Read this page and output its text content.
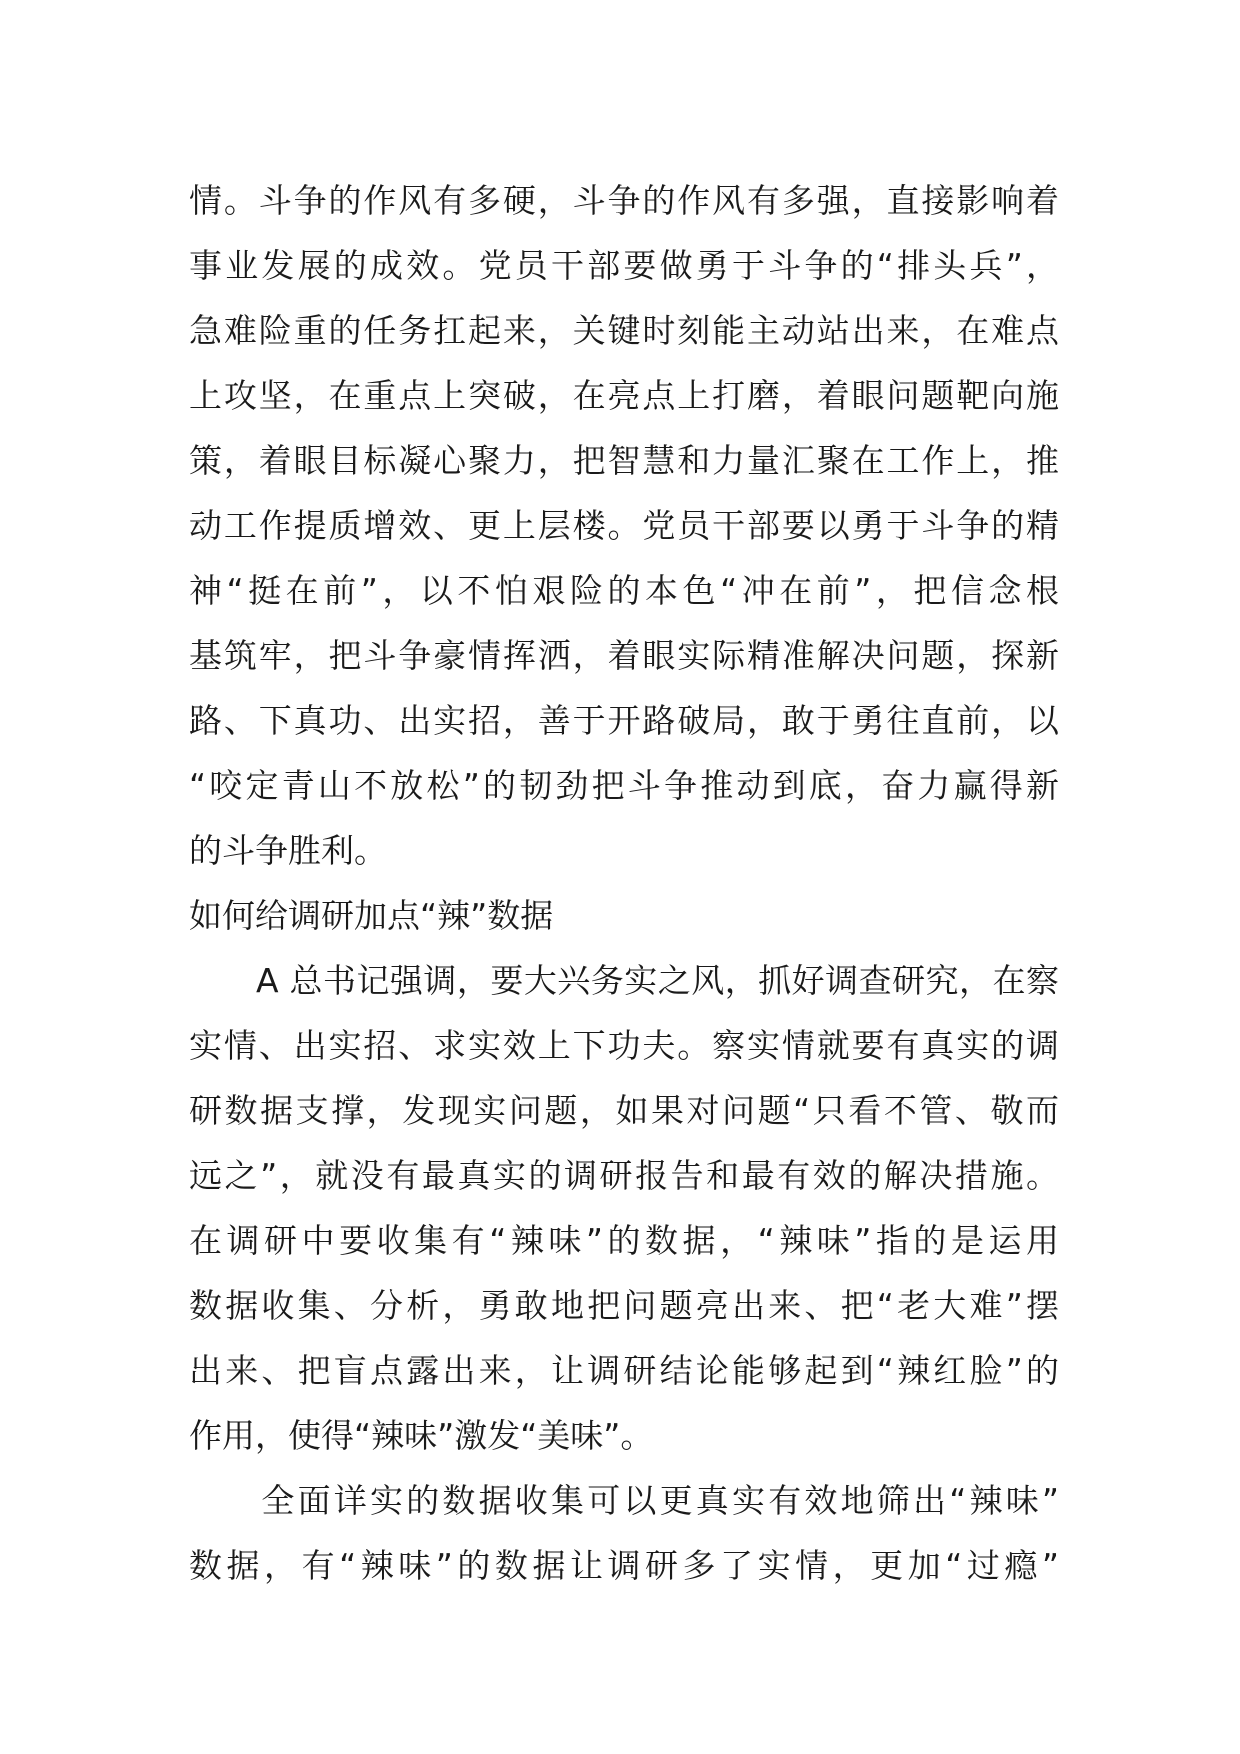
情。斗争的作风有多硬，斗争的作风有多强，直接影响着
事业发展的成效。党员干部要做勇于斗争的“排头兵”，
急难险重的任务扛起来，关键时刻能主动站出来，在难点
上攻坚，在重点上突破，在亮点上打磨，着眼问题靶向施
策，着眼目标凝心聚力，把智慧和力量汇聚在工作上，推
动工作提质增效、更上层楼。党员干部要以勇于斗争的精
神“挺在前”，以不怕艰险的本色“冲在前”，把信念根
基筑牢，把斗争豪情挥洒，着眼实际精准解决问题，探新
路、下真功、出实招，善于开路破局，敢于勇往直前，以
“咬定青山不放松”的韧劲把斗争推动到底，奋力赢得新
的斗争胜利。
如何给调研加点“辣”数据
　　A 总书记强调，要大兴务实之风，抓好调查研究，在察
实情、出实招、求实效上下功夫。察实情就要有真实的调
研数据支撑，发现实问题，如果对问题“只看不管、敬而
远之”，就没有最真实的调研报告和最有效的解决措施。
在调研中要收集有“辣味”的数据，“辣味”指的是运用
数据收集、分析，勇敢地把问题亮出来、把“老大难”摆
出来、把盲点露出来，让调研结论能够起到“辣红脸”的
作用，使得“辣味”激发“美味”。
　　全面详实的数据收集可以更真实有效地筛出“辣味”
数据，有“辣味”的数据让调研多了实情，更加“过瘾”
